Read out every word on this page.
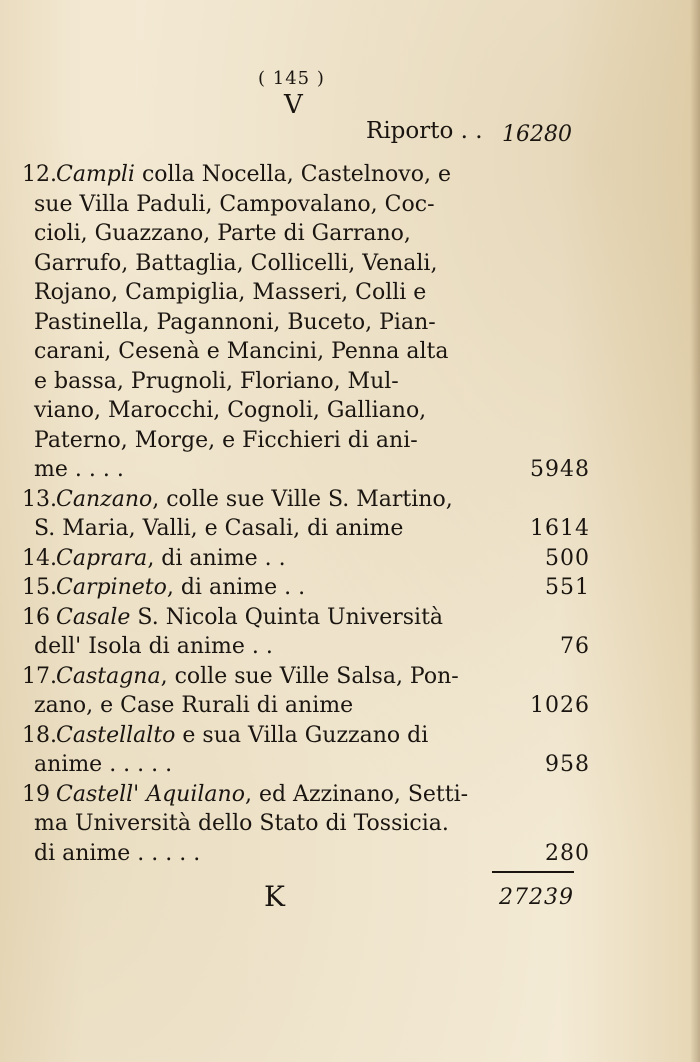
( 145 )
V
Riporto . . 16280
12.Campli colla Nocella, Castelnovo, e
sue Villa Paduli, Campovalano, Coc-
cioli, Guazzano, Parte di Garrano,
Garrufo, Battaglia, Collicelli, Venali,
Rojano, Campiglia, Masseri, Colli e
Pastinella, Pagannoni, Buceto, Pian-
carani, Cesenà e Mancini, Penna alta
e bassa, Prugnoli, Floriano, Mul-
viano, Marocchi, Cognoli, Galliano,
Paterno, Morge, e Ficchieri di ani-
me . . . .	5948
13.Canzano, colle sue Ville S. Martino,
S. Maria, Valli, e Casali, di anime	1614
14.Caprara, di anime . .	500
15.Carpineto, di anime . .	551
16 Casale S. Nicola Quinta Università
dell' Isola di anime . .	76
17.Castagna, colle sue Ville Salsa, Pon-
zano, e Case Rurali di anime	1026
18.Castellalto e sua Villa Guzzano di
anime . . . . .	958
19 Castell' Aquilano, ed Azzinano, Setti-
ma Università dello Stato di Tossicia.
di anime . . . . .	280
K	27239
